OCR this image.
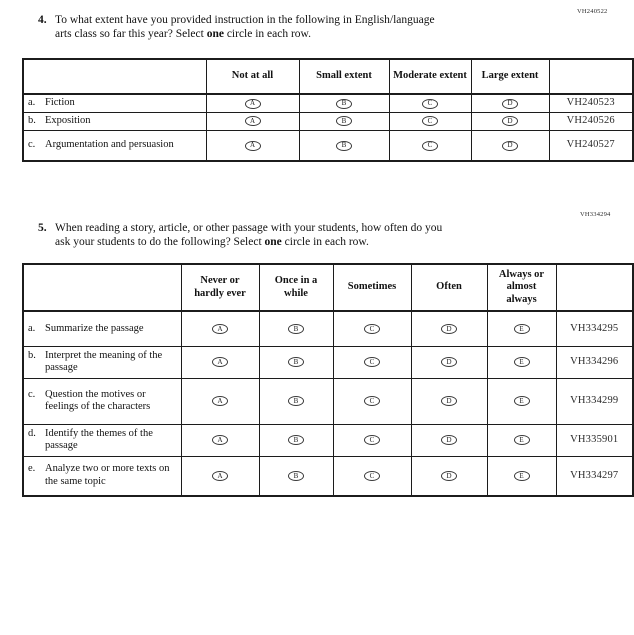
VH240522
4. To what extent have you provided instruction in the following in English/language
arts class so far this year? Select one circle in each row.
	Not at all	Small extent	Moderate extent	Large extent	

a. Fiction	A	B	C	D	VH240523

b. Exposition	A	B	C	D	VH240526

c. Argumentation and persuasion	A	B	C	D	VH240527
VH334294
5. When reading a story, article, or other passage with your students, how often do you
ask your students to do the following? Select one circle in each row.
	Never or hardly ever	Once in a while	Sometimes	Often	Always or almost always	

a. Summarize the passage	A	B	C	D	E	VH334295

b. Interpret the meaning of the passage	A	B	C	D	E	VH334296

c. Question the motives or feelings of the characters	A	B	C	D	E	VH334299

d. Identify the themes of the passage	A	B	C	D	E	VH335901

e. Analyze two or more texts on the same topic	A	B	C	D	E	VH334297
